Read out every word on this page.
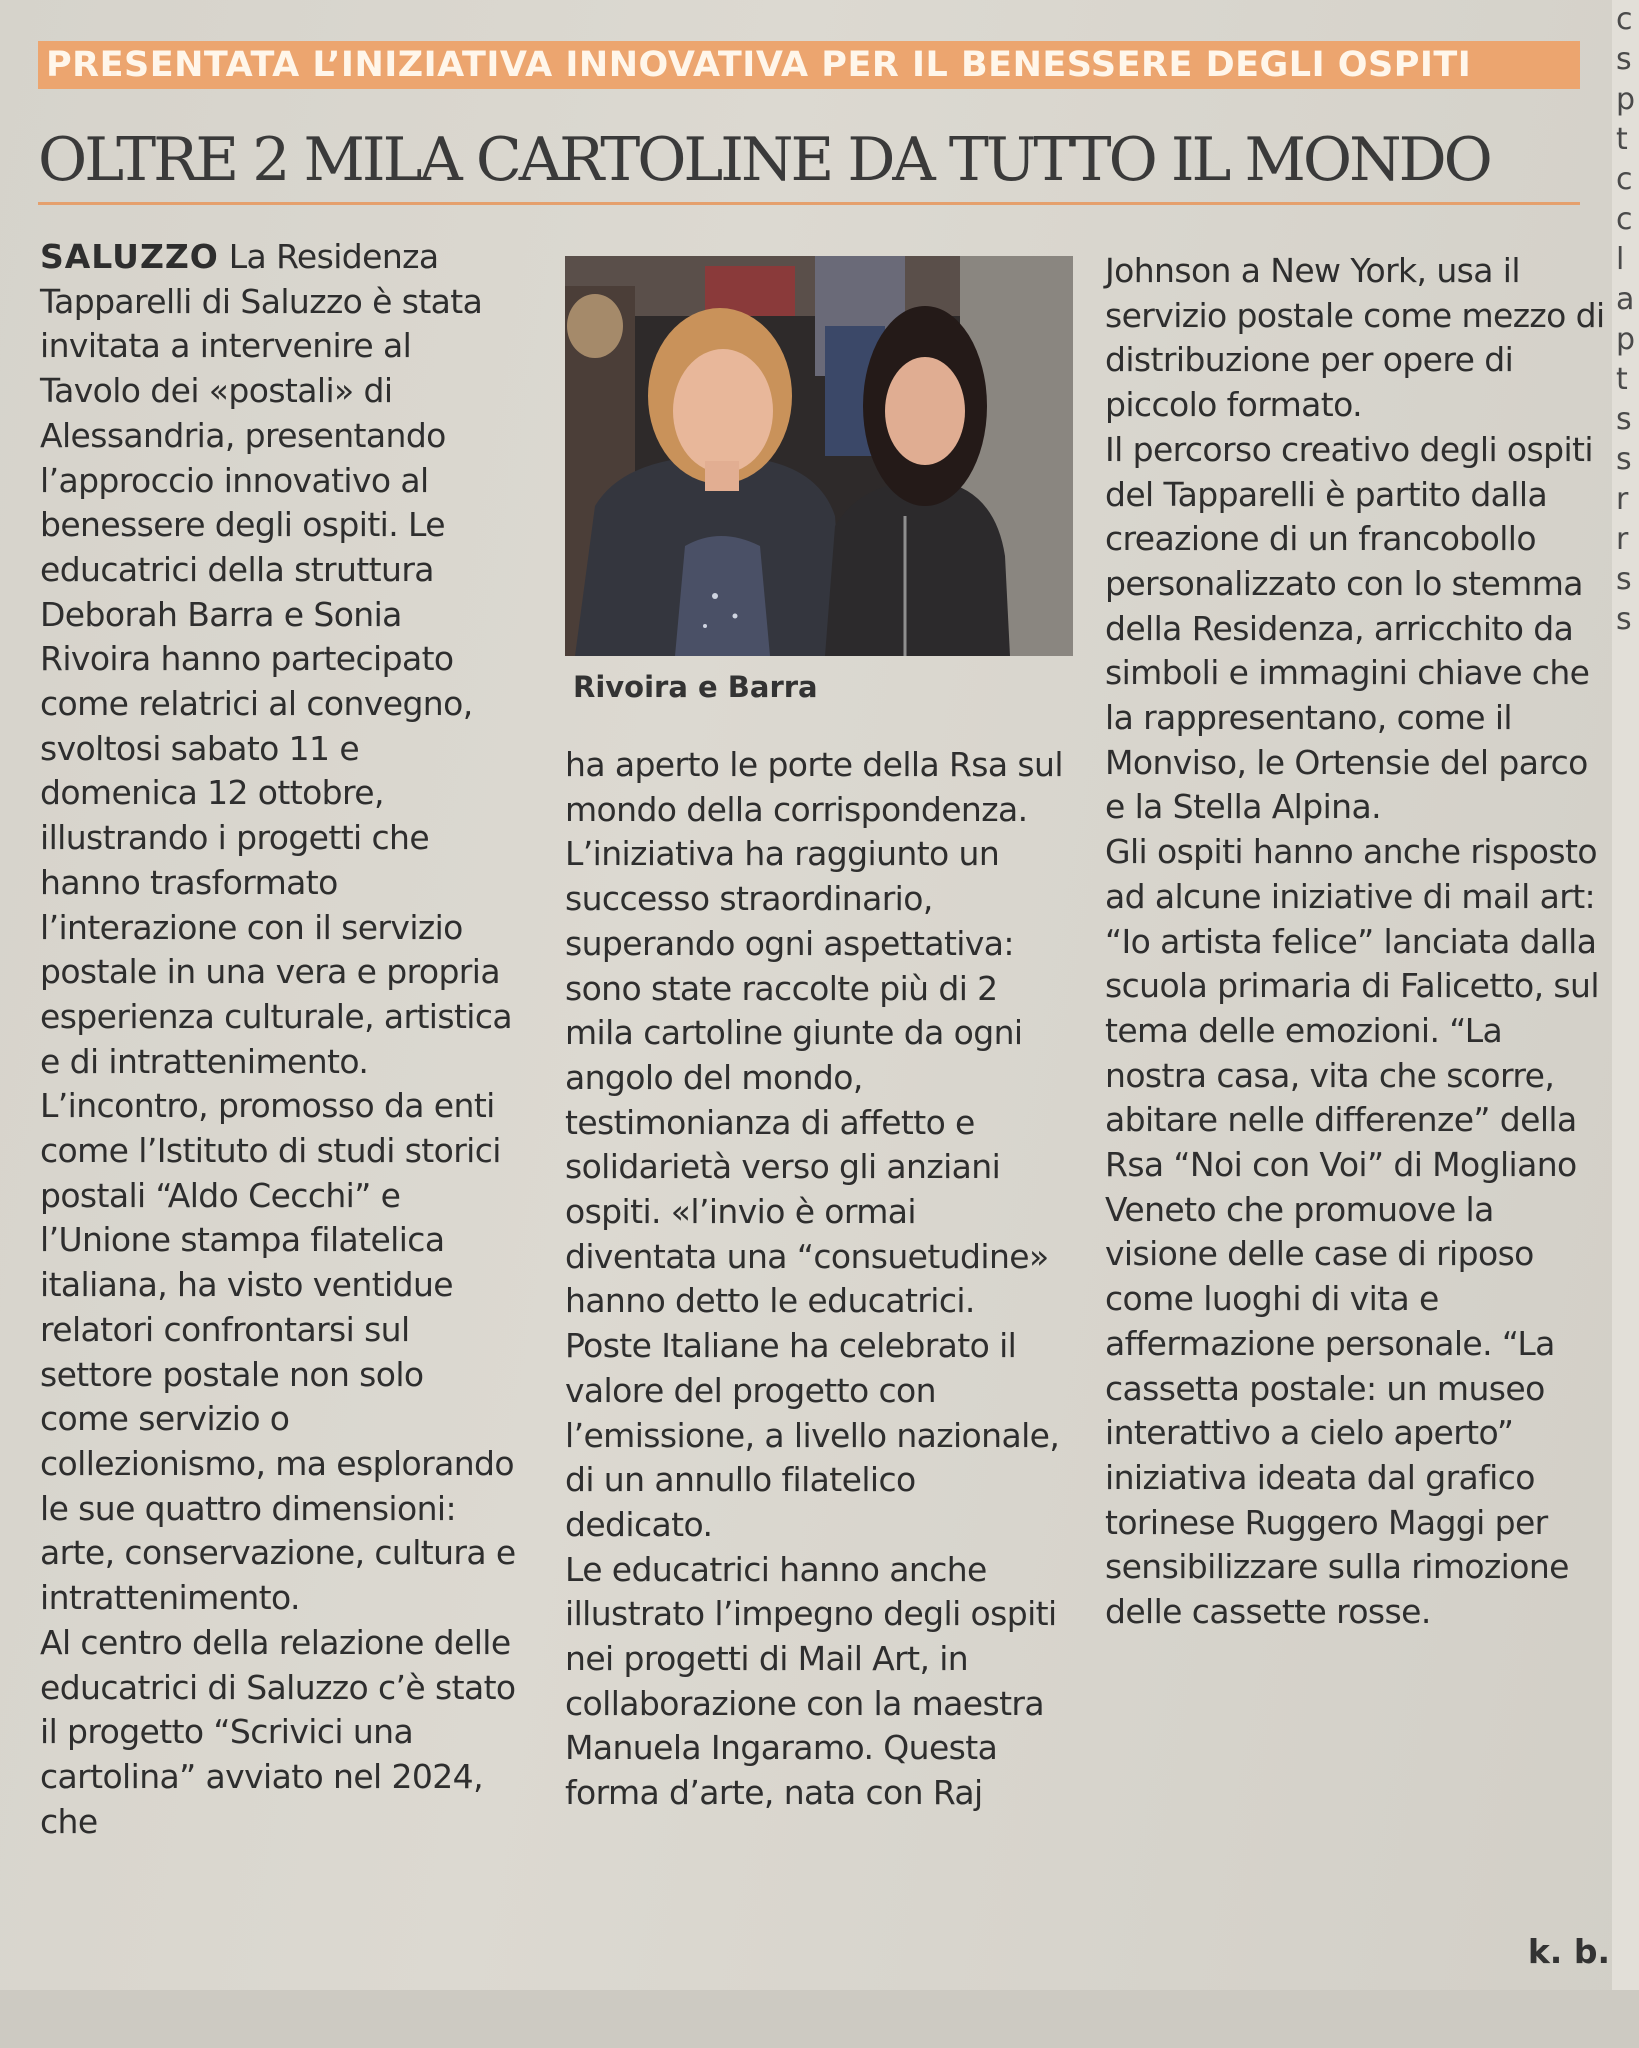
c
s
p
t
c
c
l
a
p
t
s
s
r
r
s
s
PRESENTATA L’INIZIATIVA INNOVATIVA PER IL BENESSERE DEGLI OSPITI
OLTRE 2 MILA CARTOLINE DA TUTTO IL MONDO

SALUZZO La Residenza Tapparelli di Saluzzo è stata invitata a intervenire al Tavolo dei «postali» di Alessandria, presentando l’approccio innovativo al benessere degli ospiti. Le educatrici della struttura Deborah Barra e Sonia Rivoira hanno partecipato come relatrici al convegno, svoltosi sabato 11 e domenica 12 ottobre, illustrando i progetti che hanno trasformato l’interazione con il servizio postale in una vera e propria esperienza culturale, artistica e di intrattenimento.

L’incontro, promosso da enti come l’Istituto di studi storici postali “Aldo Cecchi” e l’Unione stampa filatelica italiana, ha visto ventidue relatori confrontarsi sul settore postale non solo come servizio o collezionismo, ma esplorando le sue quattro dimensioni: arte, conservazione, cultura e intrattenimento.

Al centro della relazione delle educatrici di Saluzzo c’è stato il progetto “Scrivici una cartolina” avviato nel 2024, che

Rivoira e Barra

ha aperto le porte della Rsa sul mondo della corrispondenza. L’iniziativa ha raggiunto un successo straordinario, superando ogni aspettativa: sono state raccolte più di 2 mila cartoline giunte da ogni angolo del mondo, testimonianza di affetto e solidarietà verso gli anziani ospiti. «l’invio è ormai diventata una “consuetudine» hanno detto le educatrici.

Poste Italiane ha celebrato il valore del progetto con l’emissione, a livello nazionale, di un annullo filatelico dedicato.

Le educatrici hanno anche illustrato l’impegno degli ospiti nei progetti di Mail Art, in collaborazione con la maestra Manuela Ingaramo. Questa forma d’arte, nata con Raj

Johnson a New York, usa il servizio postale come mezzo di distribuzione per opere di piccolo formato.

Il percorso creativo degli ospiti del Tapparelli è partito dalla creazione di un francobollo personalizzato con lo stemma della Residenza, arricchito da simboli e immagini chiave che la rappresentano, come il Monviso, le Ortensie del parco e la Stella Alpina.

Gli ospiti hanno anche risposto ad alcune iniziative di mail art: “Io artista felice” lanciata dalla scuola primaria di Falicetto, sul tema delle emozioni. “La nostra casa, vita che scorre, abitare nelle differenze” della Rsa “Noi con Voi” di Mogliano Veneto che promuove la visione delle case di riposo come luoghi di vita e affermazione personale. “La cassetta postale: un museo interattivo a cielo aperto” iniziativa ideata dal grafico torinese Ruggero Maggi per sensibilizzare sulla rimozione delle cassette rosse.

k. b.
